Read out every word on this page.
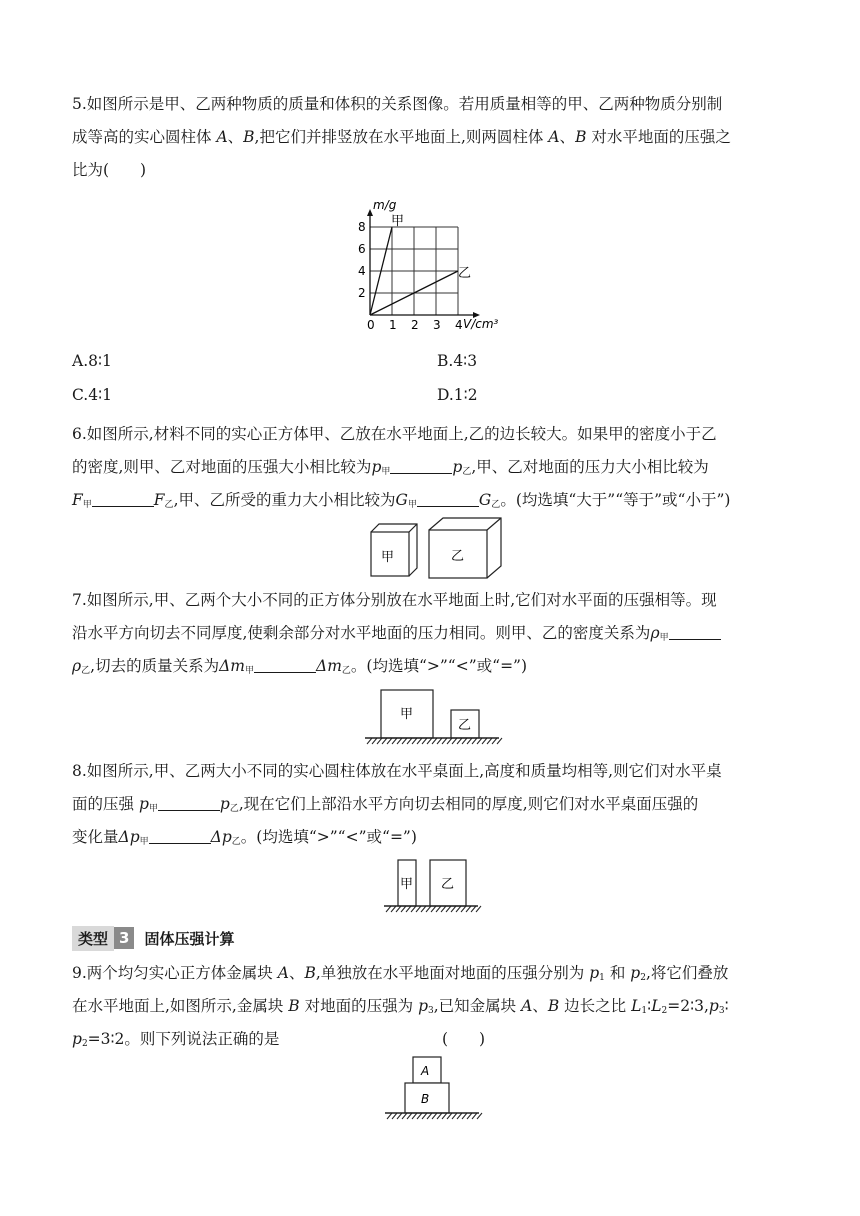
5.如图所示是甲、乙两种物质的质量和体积的关系图像。若用质量相等的甲、乙两种物质分别制

成等高的实心圆柱体 A、B,把它们并排竖放在水平地面上,则两圆柱体 A、B 对水平地面的压强之

比为(　　)

0 1 2 3 4
2
4
6
8
m/g
V/cm³
甲
乙
A.8∶1	B.4∶3
C.4∶1	D.1∶2

6.如图所示,材料不同的实心正方体甲、乙放在水平地面上,乙的边长较大。如果甲的密度小于乙

的密度,则甲、乙对地面的压强大小相比较为$p_甲$	$p_乙$,甲、乙对地面的压力大小相比较为

$F_甲$	$F_乙$,甲、乙所受的重力大小相比较为$G_甲$	$G_乙$。(均选填“大于”“等于”或“小于”)

甲	乙

7.如图所示,甲、乙两个大小不同的正方体分别放在水平地面上时,它们对水平面的压强相等。现

沿水平方向切去不同厚度,使剩余部分对水平地面的压力相同。则甲、乙的密度关系为$\rho_甲$

$\rho_乙$,切去的质量关系为$\Delta m_甲$	$\Delta m_乙$。(均选填“>”“<”或“=”)

甲
乙

8.如图所示,甲、乙两大小不同的实心圆柱体放在水平桌面上,高度和质量均相等,则它们对水平桌

面的压强 $p_甲$	$p_乙$,现在它们上部沿水平方向切去相同的厚度,则它们对水平桌面压强的

变化量$\Delta p_甲$	$\Delta p_乙$。(均选填“>”“<”或“=”)

甲 乙
类型 3	固体压强计算

9.两个均匀实心正方体金属块 A、B,单独放在水平地面对地面的压强分别为 $p_1$ 和 $p_2$,将它们叠放

在水平地面上,如图所示,金属块 B 对地面的压强为 $p_3$,已知金属块 A、B 边长之比 $L_1∶L_2=2∶3,p_3∶$

$p_2=3∶2$。则下列说法正确的是	(　　)

A
B
